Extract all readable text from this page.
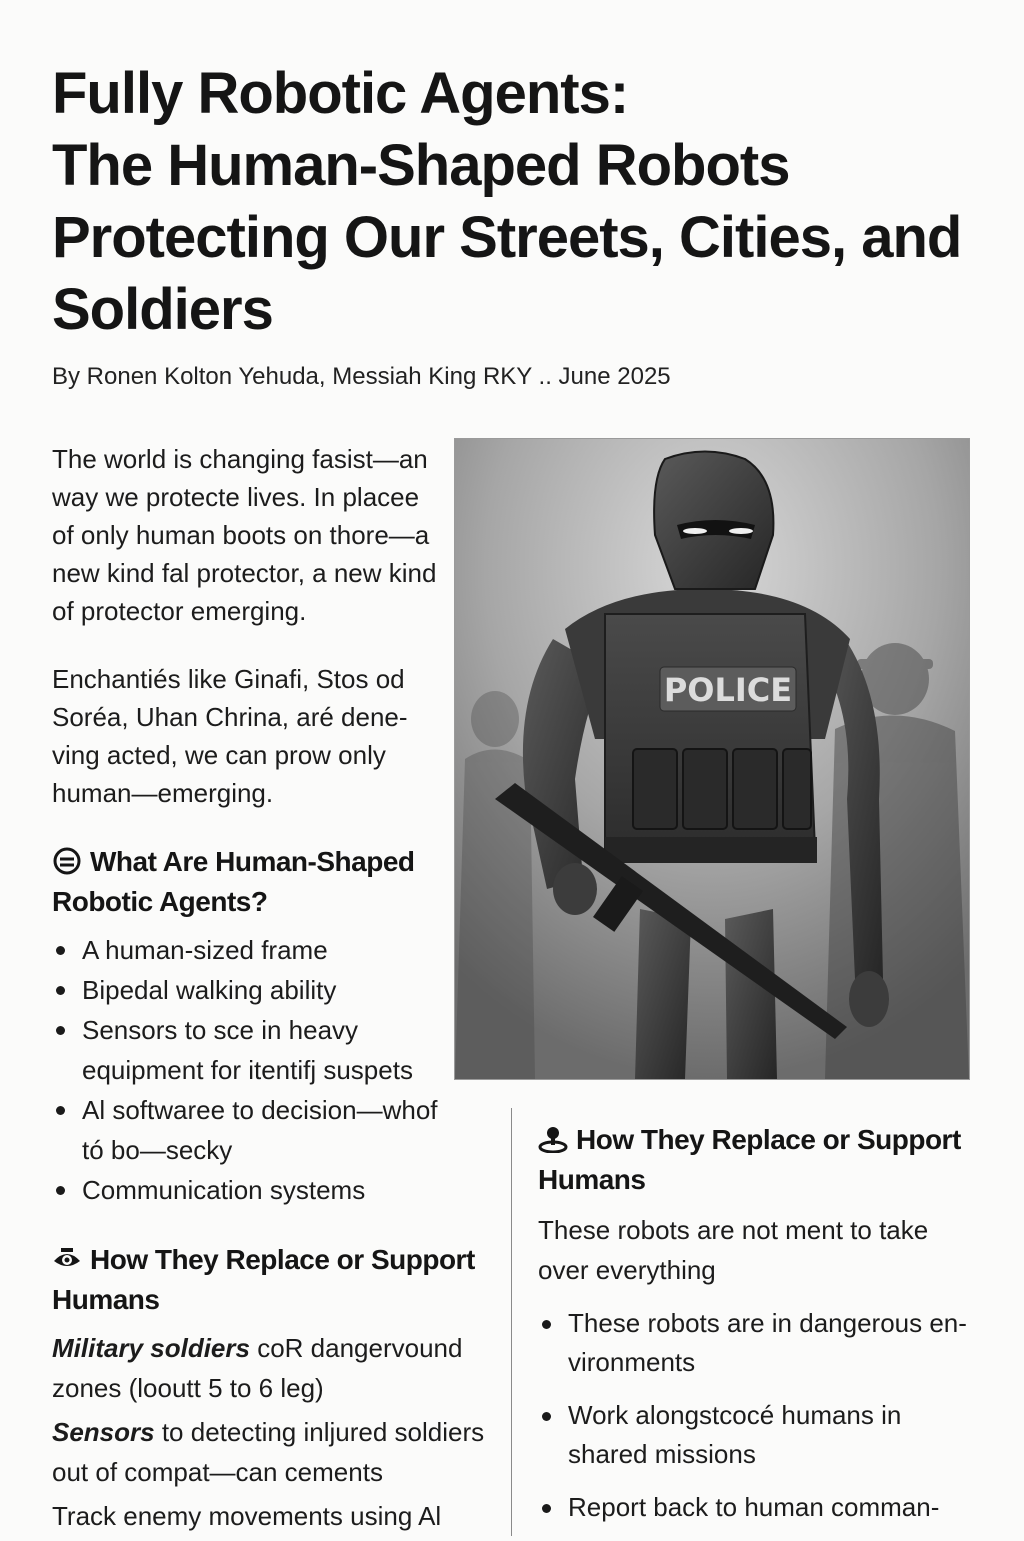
Fully Robotic Agents:
The Human-Shaped Robots
Protecting Our Streets, Cities, and
Soldiers
By Ronen Kolton Yehuda, Messiah King RKY .. June 2025

The world is changing fasist—an way we protecte lives. In placee of only human boots on thore—a new kind fal protector, a new kind of protector emerging.

Enchantiés like Ginafi, Stos od Soréa, Uhan Chrina, aré dene-ving acted, we can prow only human—emerging.

POLICE
What Are Human-Shaped Robotic Agents?
A human-sized frame
Bipedal walking ability
Sensors to sce in heavy equipment for itentifj suspets
Al softwaree to decision—whof tó bo—secky
Communication systems
How They Replace or Support Humans

Military soldiers coR dangervound zones (looutt 5 to 6 leg)

Sensors to detecting inljured soldiers out of compat—can cements

Track enemy movements using Al

How They Replace or Support Humans

These robots are not ment to take over everything

These robots are in dangerous en-vironments
Work alongstcocé humans in shared missions
Report back to human comman-
